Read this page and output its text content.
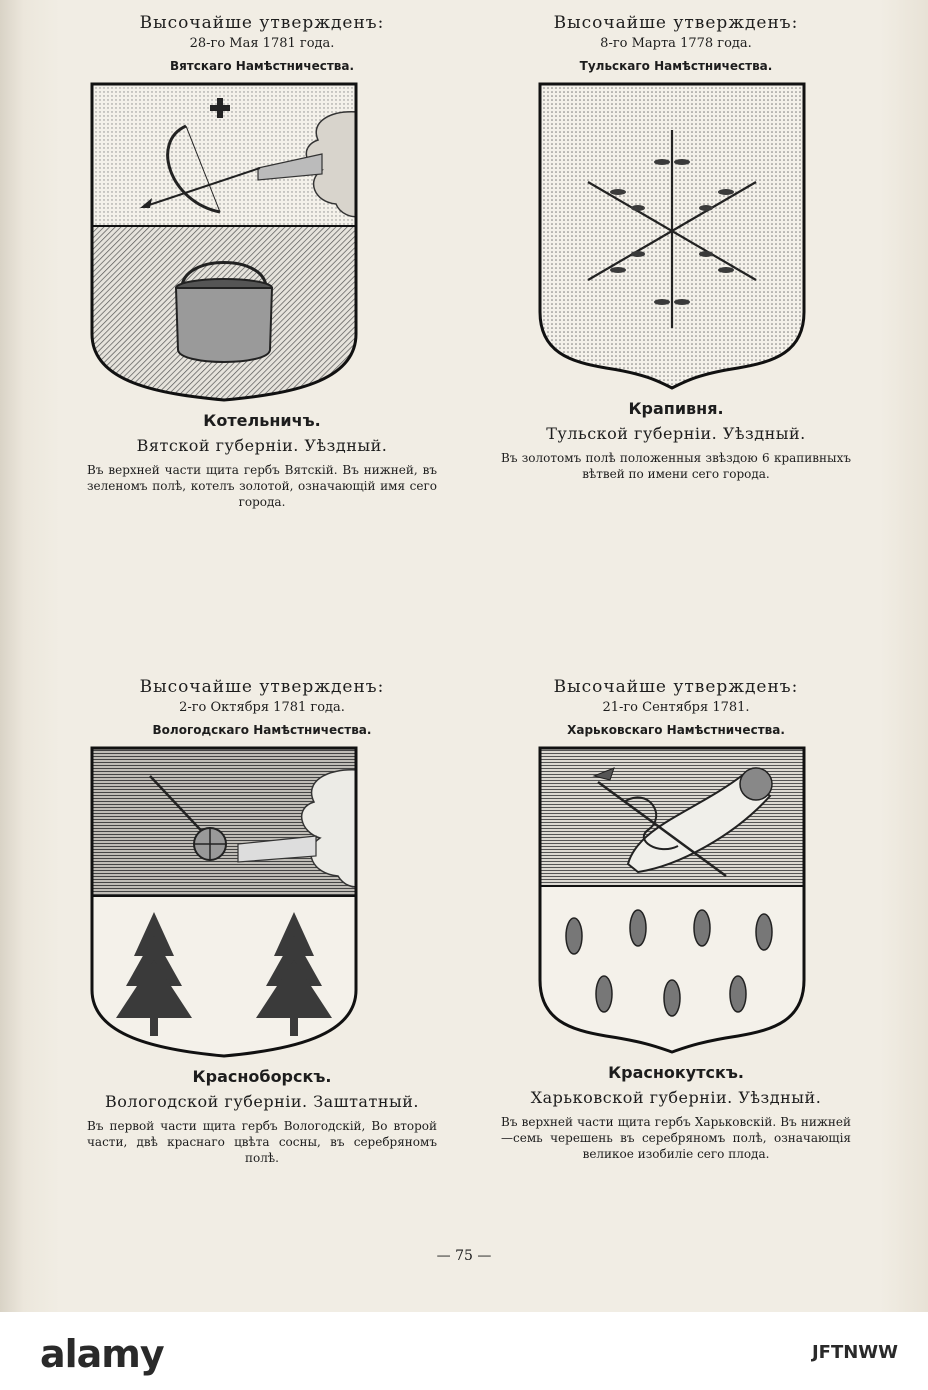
Высочайше утвержденъ:

28-го Мая 1781 года.

Вятскаго Намѣстничества.

Котельничъ.

Вятской губерніи. Уѣздный.

Въ верхней части щита гербъ Вятскій. Въ нижней, въ зеленомъ полѣ, котелъ золотой, означающій имя сего города.

Высочайше утвержденъ:

8-го Марта 1778 года.

Тульскаго Намѣстничества.

Крапивня.

Тульской губерніи. Уѣздный.

Въ золотомъ полѣ положенныя звѣздою 6 крапивныхъ вѣтвей по имени сего города.

Высочайше утвержденъ:

2-го Октября 1781 года.

Вологодскаго Намѣстничества.

Красноборскъ.

Вологодской губерніи. Заштатный.

Въ первой части щита гербъ Вологодскій, Во второй части, двѣ краснаго цвѣта сосны, въ серебряномъ полѣ.

Высочайше утвержденъ:

21-го Сентября 1781.

Харьковскаго Намѣстничества.

Краснокутскъ.

Харьковской губерніи. Уѣздный.

Въ верхней части щита гербъ Харьковскій. Въ нижней—семь черешень въ серебряномъ полѣ, означающія великое изобиліе сего плода.

— 75 —
alamy	JFTNWW
